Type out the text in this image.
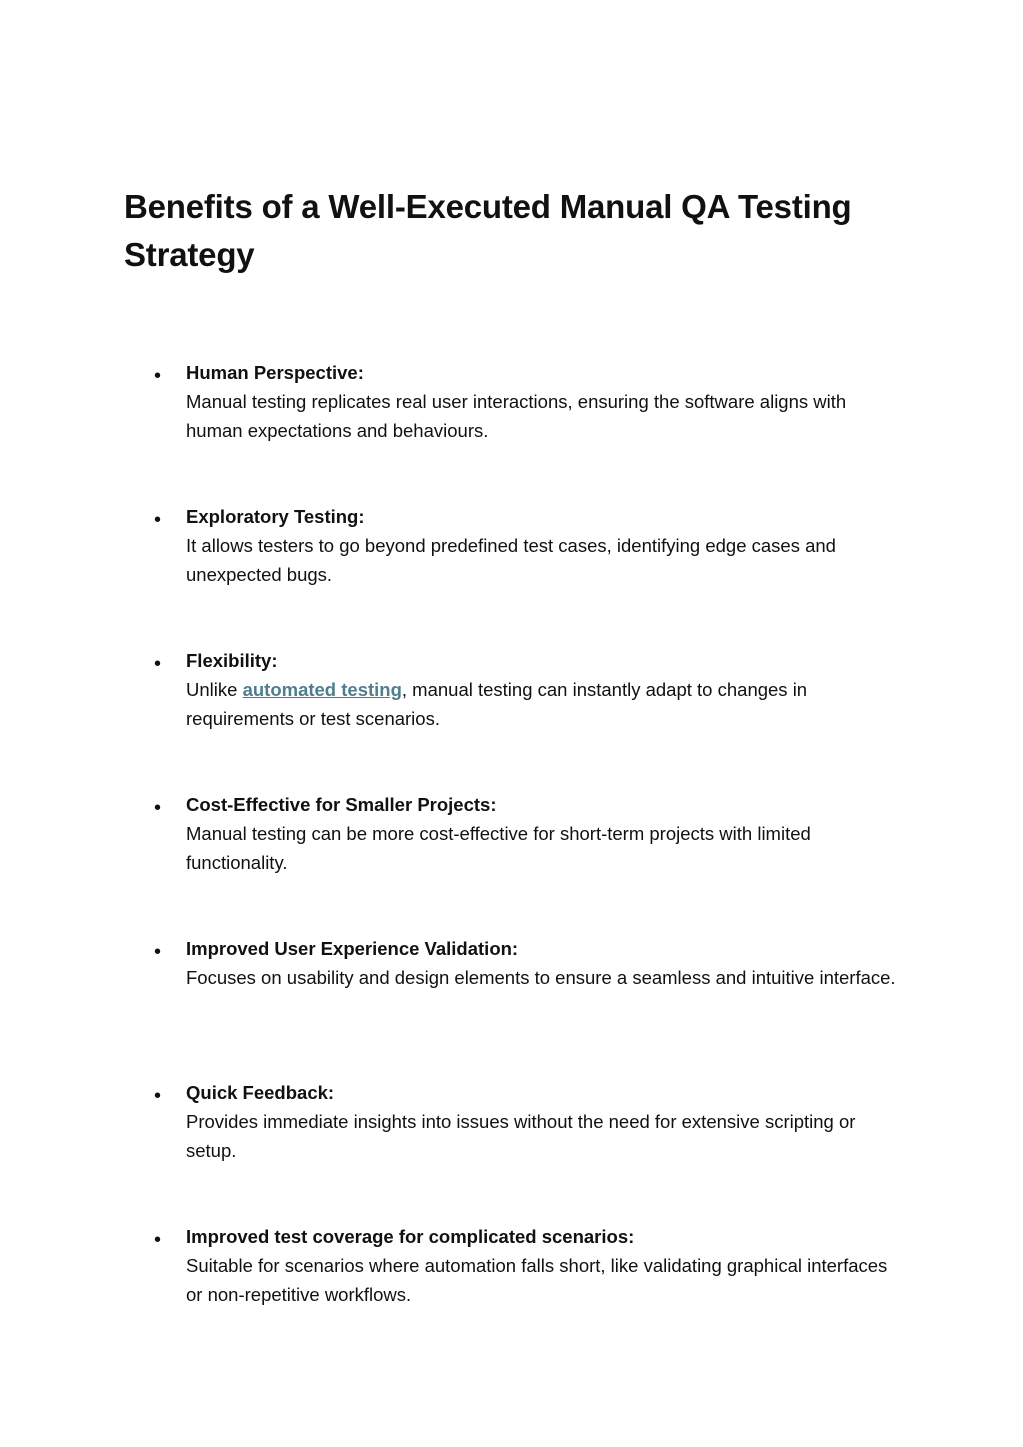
Benefits of a Well-Executed Manual QA Testing Strategy
• Human Perspective:
Manual testing replicates real user interactions, ensuring the software aligns with human expectations and behaviours.
• Exploratory Testing:
It allows testers to go beyond predefined test cases, identifying edge cases and unexpected bugs.
• Flexibility:
Unlike automated testing, manual testing can instantly adapt to changes in requirements or test scenarios.
• Cost-Effective for Smaller Projects:
Manual testing can be more cost-effective for short-term projects with limited functionality.
• Improved User Experience Validation:
Focuses on usability and design elements to ensure a seamless and intuitive interface.
• Quick Feedback:
Provides immediate insights into issues without the need for extensive scripting or setup.
• Improved test coverage for complicated scenarios:
Suitable for scenarios where automation falls short, like validating graphical interfaces or non-repetitive workflows.
